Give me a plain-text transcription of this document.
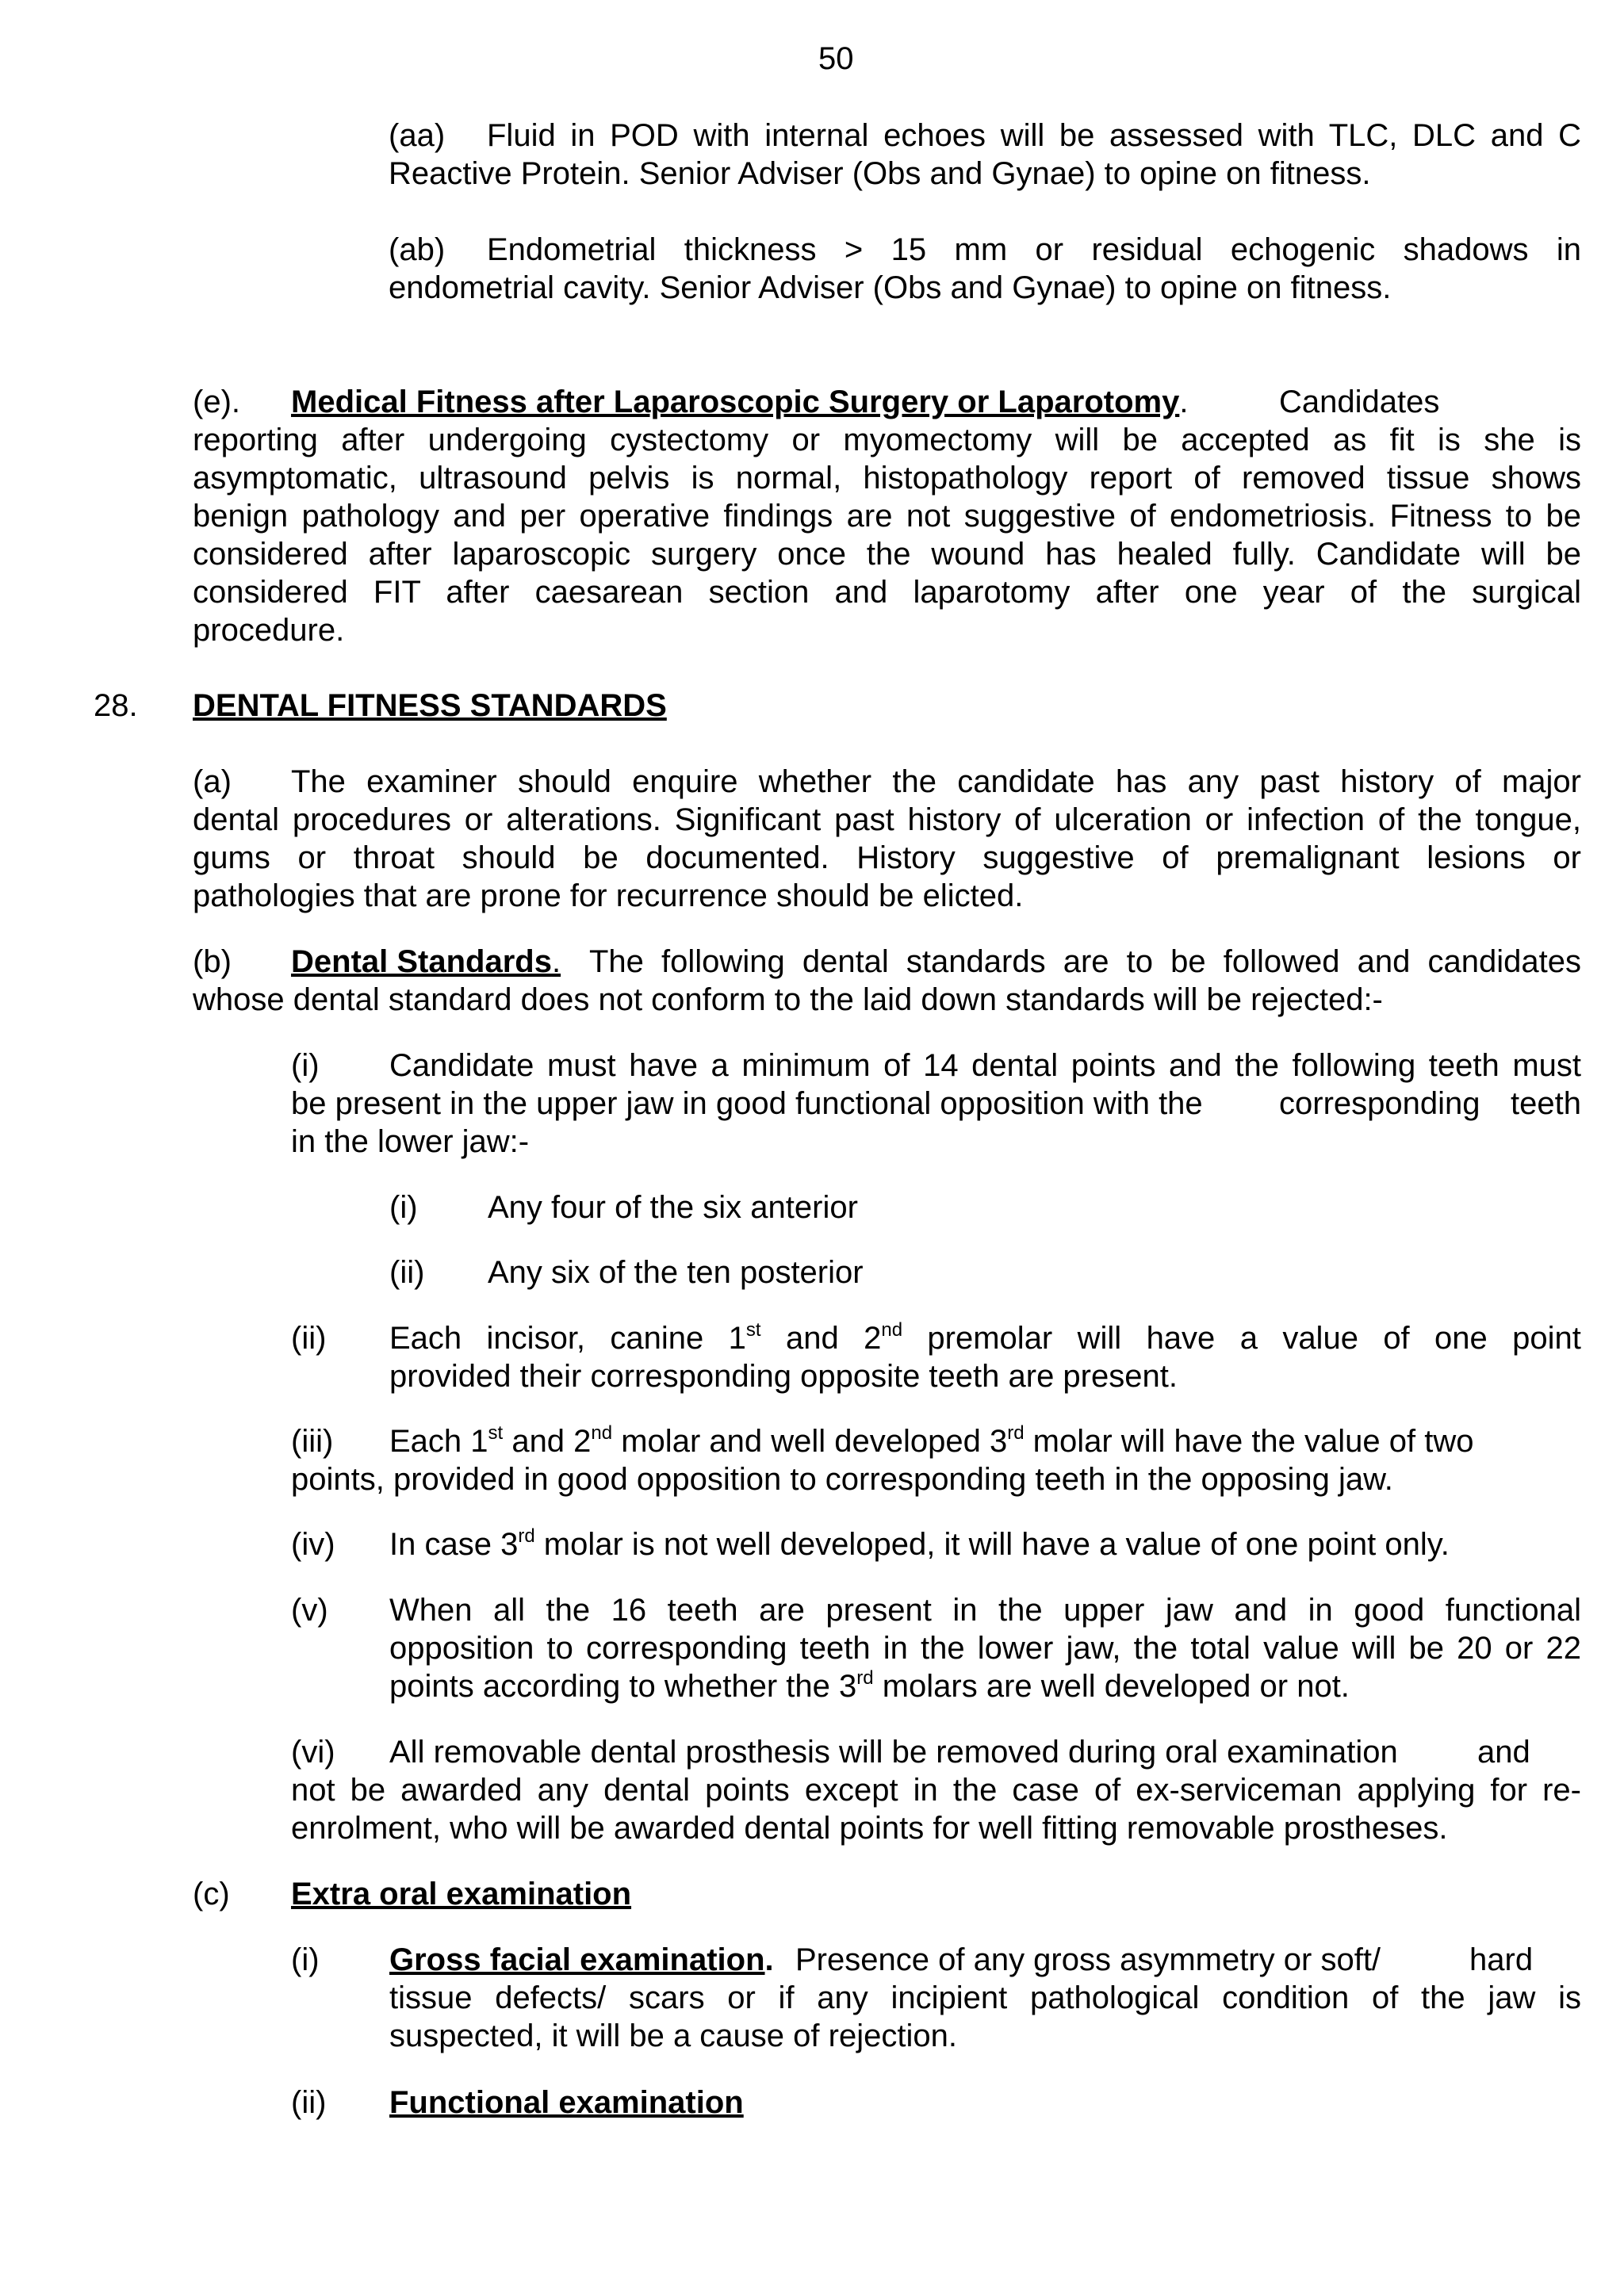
50
(aa) Fluid in POD with internal echoes will be assessed with TLC, DLC and C
Reactive Protein. Senior Adviser (Obs and Gynae) to opine on fitness.
(ab) Endometrial thickness > 15 mm or residual echogenic shadows in
endometrial cavity. Senior Adviser (Obs and Gynae) to opine on fitness.
(e). Medical Fitness after Laparoscopic Surgery or Laparotomy.	Candidates
reporting after undergoing cystectomy or myomectomy will be accepted as fit is she is
asymptomatic, ultrasound pelvis is normal, histopathology report of removed tissue shows
benign pathology and per operative findings are not suggestive of endometriosis. Fitness to be
considered after laparoscopic surgery once the wound has healed fully. Candidate will be
considered FIT after caesarean section and laparotomy after one year of the surgical
procedure.
28. DENTAL FITNESS STANDARDS
(a) The examiner should enquire whether the candidate has any past history of major
dental procedures or alterations. Significant past history of ulceration or infection of the tongue,
gums or throat should be documented. History suggestive of premalignant lesions or
pathologies that are prone for recurrence should be elicted.
(b) Dental Standards. The following dental standards are to be followed and candidates
whose dental standard does not conform to the laid down standards will be rejected:-
(i) Candidate must have a minimum of 14 dental points and the following teeth must
be present in the upper jaw in good functional opposition with the corresponding teeth
in the lower jaw:-
(i) Any four of the six anterior
(ii) Any six of the ten posterior
(ii) Each incisor, canine 1st and 2nd premolar will have a value of one point
provided their corresponding opposite teeth are present.
(iii) Each 1st and 2nd molar and well developed 3rd molar will have the value of two
points, provided in good opposition to corresponding teeth in the opposing jaw.
(iv) In case 3rd molar is not well developed, it will have a value of one point only.
(v) When all the 16 teeth are present in the upper jaw and in good functional
opposition to corresponding teeth in the lower jaw, the total value will be 20 or 22
points according to whether the 3rd molars are well developed or not.
(vi) All removable dental prosthesis will be removed during oral examination	and
not be awarded any dental points except in the case of ex-serviceman applying for re-
enrolment, who will be awarded dental points for well fitting removable prostheses.
(c) Extra oral examination
(i) Gross facial examination. Presence of any gross asymmetry or soft/	hard
tissue defects/ scars or if any incipient pathological condition of the jaw is
suspected, it will be a cause of rejection.
(ii) Functional examination
